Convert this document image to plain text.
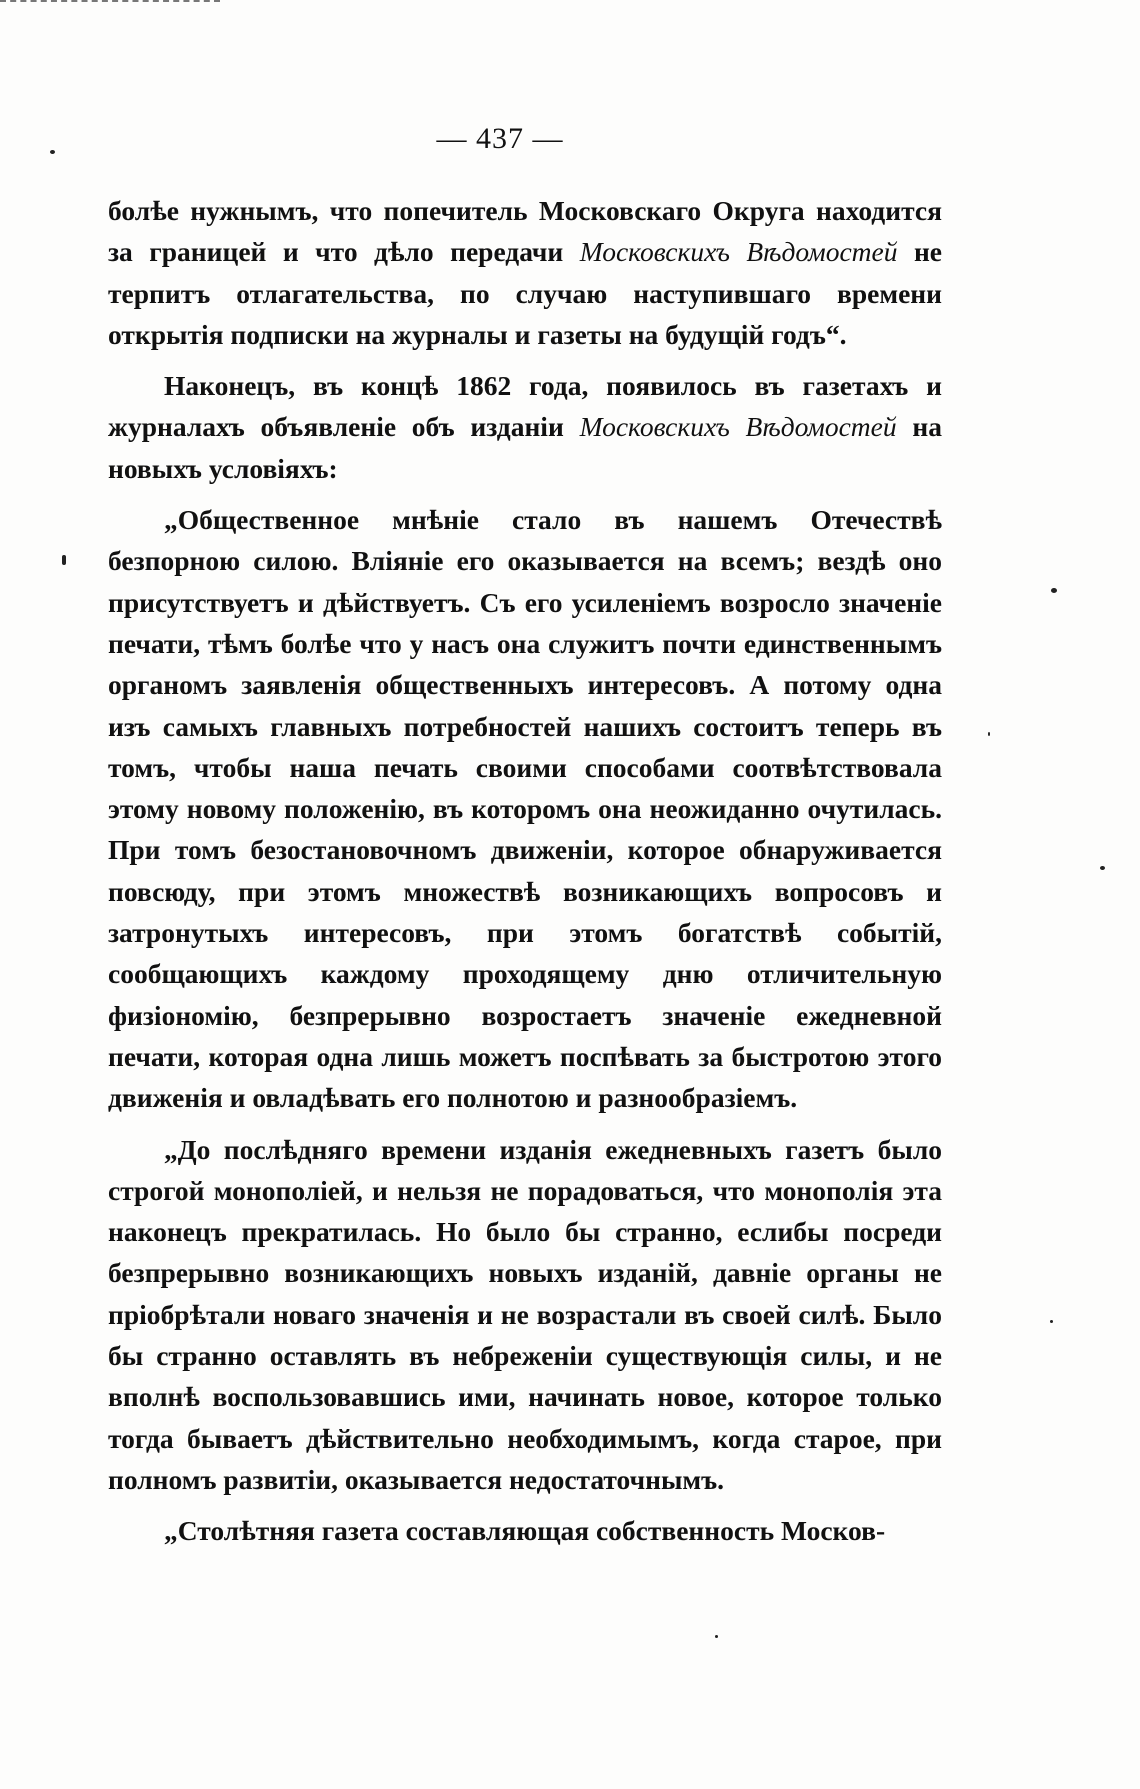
— 437 —

болѣе нужнымъ, что попечитель Московскаго Округа находится за границей и что дѣло передачи Московскихъ Вѣдомостей не терпитъ отлагательства, по случаю наступившаго времени открытія подписки на журналы и газеты на будущій годъ“.

Наконецъ, въ концѣ 1862 года, появилось въ газетахъ и журналахъ объявленіе объ изданіи Московскихъ Вѣдомостей на новыхъ условіяхъ:

„Общественное мнѣніе стало въ нашемъ Отечествѣ безпорною силою. Вліяніе его оказывается на всемъ; вездѣ оно присутствуетъ и дѣйствуетъ. Съ его усиленіемъ возросло значеніе печати, тѣмъ болѣе что у насъ она служитъ почти единственнымъ органомъ заявленія общественныхъ интересовъ. А потому одна изъ самыхъ главныхъ потребностей нашихъ состоитъ теперь въ томъ, чтобы наша печать своими способами соотвѣтствовала этому новому положенію, въ которомъ она неожиданно очутилась. При томъ безостановочномъ движеніи, которое обнаруживается повсюду, при этомъ множествѣ возникающихъ вопросовъ и затронутыхъ интересовъ, при этомъ богатствѣ событій, сообщающихъ каждому проходящему дню отличительную физіономію, безпрерывно возростаетъ значеніе ежедневной печати, которая одна лишь можетъ поспѣвать за быстротою этого движенія и овладѣвать его полнотою и разнообразіемъ.

„До послѣдняго времени изданія ежедневныхъ газетъ было строгой монополіей, и нельзя не порадоваться, что монополія эта наконецъ прекратилась. Но было бы странно, еслибы посреди безпрерывно возникающихъ новыхъ изданій, давніе органы не пріобрѣтали новаго значенія и не возрастали въ своей силѣ. Было бы странно оставлять въ небреженіи существующія силы, и не вполнѣ воспользовавшись ими, начинать новое, которое только тогда бываетъ дѣйствительно необходимымъ, когда старое, при полномъ развитіи, оказывается недостаточнымъ.

„Столѣтняя газета составляющая собственность Москов-
